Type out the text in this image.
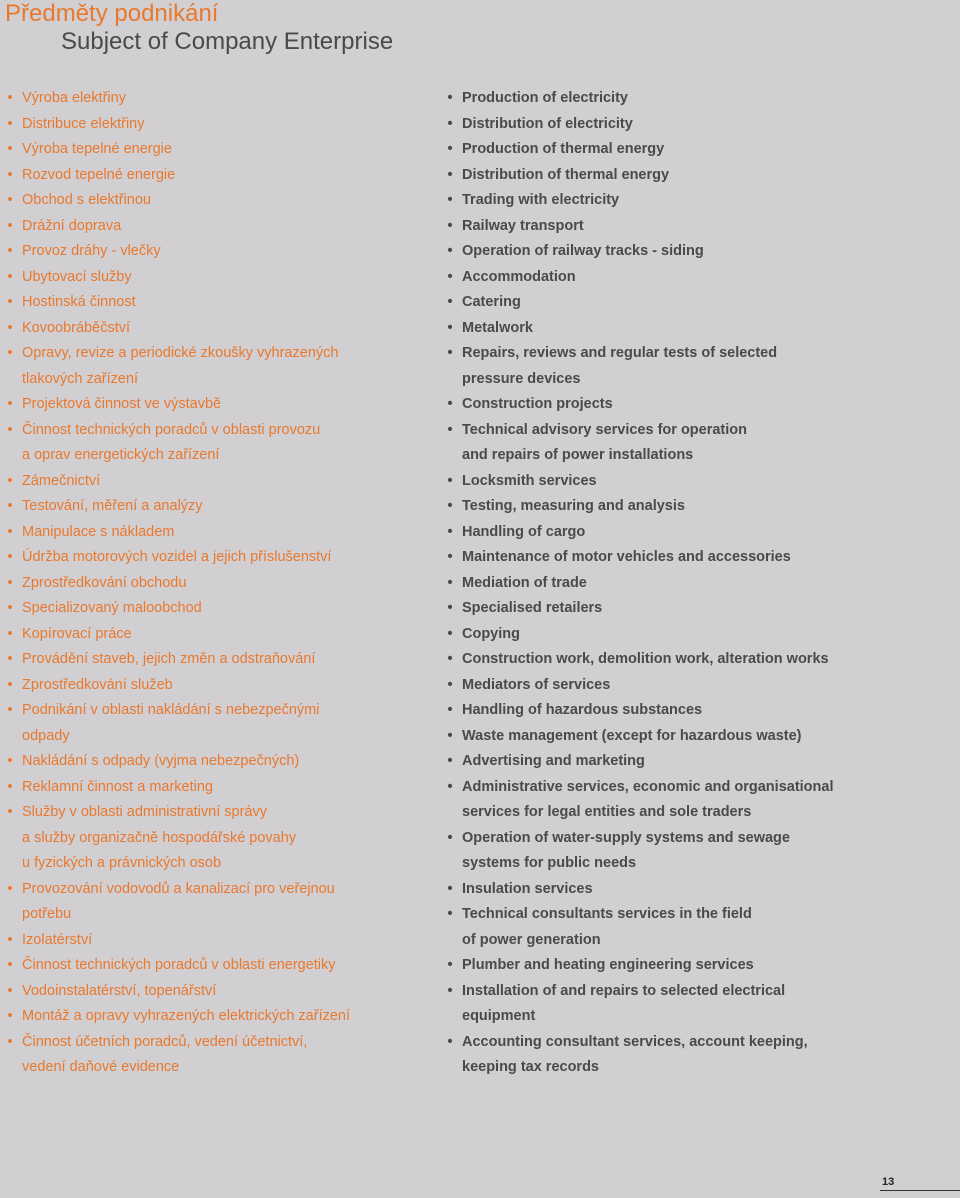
Předměty podnikání
Subject of Company Enterprise
• Výroba elektřiny
• Distribuce elektřiny
• Výroba tepelné energie
• Rozvod tepelné energie
• Obchod s elektřinou
• Drážní doprava
• Provoz dráhy - vlečky
• Ubytovací služby
• Hostinská činnost
• Kovoobráběčství
• Opravy, revize a periodické zkoušky vyhrazených
tlakových zařízení
• Projektová činnost ve výstavbě
• Činnost technických poradců v oblasti provozu
a oprav energetických zařízení
• Zámečnictví
• Testování, měření a analýzy
• Manipulace s nákladem
• Údržba motorových vozidel a jejich příslušenství
• Zprostředkování obchodu
• Specializovaný maloobchod
• Kopírovací práce
• Provádění staveb, jejich změn a odstraňování
• Zprostředkování služeb
• Podnikání v oblasti nakládání s nebezpečnými
odpady
• Nakládání s odpady (vyjma nebezpečných)
• Reklamní činnost a marketing
• Služby v oblasti administrativní správy
a služby organizačně hospodářské povahy
u fyzických a právnických osob
• Provozování vodovodů a kanalizací pro veřejnou
potřebu
• Izolatérství
• Činnost technických poradců v oblasti energetiky
• Vodoinstalatérství, topenářství
• Montáž a opravy vyhrazených elektrických zařízení
• Činnost účetních poradců, vedení účetnictví,
vedení daňové evidence
• Production of electricity
• Distribution of electricity
• Production of thermal energy
• Distribution of thermal energy
• Trading with electricity
• Railway transport
• Operation of railway tracks - siding
• Accommodation
• Catering
• Metalwork
• Repairs, reviews and regular tests of selected
pressure devices
• Construction projects
• Technical advisory services for operation
and repairs of power installations
• Locksmith services
• Testing, measuring and analysis
• Handling of cargo
• Maintenance of motor vehicles and accessories
• Mediation of trade
• Specialised retailers
• Copying
• Construction work, demolition work, alteration works
• Mediators of services
• Handling of hazardous substances
• Waste management (except for hazardous waste)
• Advertising and marketing
• Administrative services, economic and organisational
services for legal entities and sole traders
• Operation of water-supply systems and sewage
systems for public needs
• Insulation services
• Technical consultants services in the field
of power generation
• Plumber and heating engineering services
• Installation of and repairs to selected electrical
equipment
• Accounting consultant services, account keeping,
keeping tax records
13
